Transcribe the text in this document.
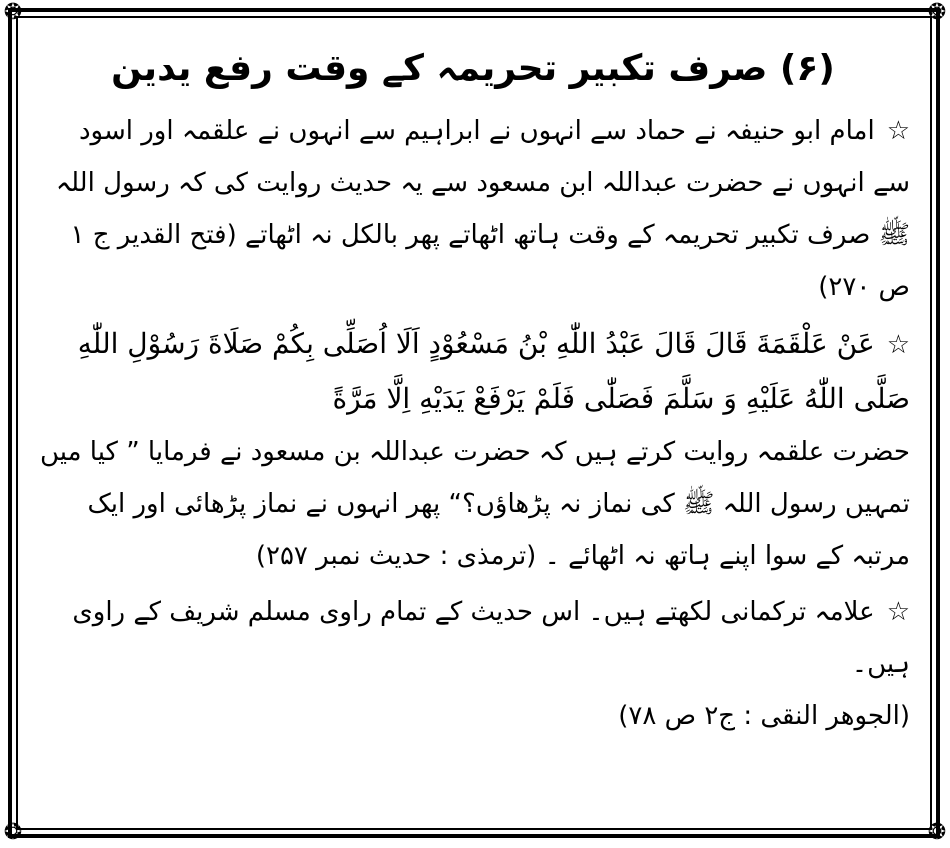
❂	❂
❂	❂
(۶) صرف تکبیر تحریمہ کے وقت رفع یدین

☆امام ابو حنیفہ نے حماد سے انہوں نے ابراہیم سے انہوں نے علقمہ اور اسود سے انہوں نے حضرت عبداللہ ابن مسعود سے یہ حدیث روایت کی کہ رسول اللہ ﷺ صرف تکبیر تحریمہ کے وقت ہاتھ اٹھاتے پھر بالکل نہ اٹھاتے (فتح القدیر ج ۱ ص ۲۷۰)

☆عَنْ عَلْقَمَةَ قَالَ قَالَ عَبْدُ اللّٰهِ بْنُ مَسْعُوْدٍ اَلَا اُصَلِّی بِکُمْ صَلَاةَ رَسُوْلِ اللّٰهِ صَلَّی اللّٰهُ عَلَيْهِ وَ سَلَّمَ فَصَلّٰی فَلَمْ يَرْفَعْ يَدَيْهِ اِلَّا مَرَّةً

حضرت علقمہ روایت کرتے ہیں کہ حضرت عبداللہ بن مسعود نے فرمایا ” کیا میں تمہیں رسول اللہ ﷺ کی نماز نہ پڑھاؤں؟“ پھر انہوں نے نماز پڑھائی اور ایک مرتبہ کے سوا اپنے ہاتھ نہ اٹھائے ۔ (ترمذی : حدیث نمبر ۲۵۷)

☆علامہ ترکمانی لکھتے ہیں۔ اس حدیث کے تمام راوی مسلم شریف کے راوی ہیں۔

(الجوهر النقی : ج۲ ص ۷۸)
